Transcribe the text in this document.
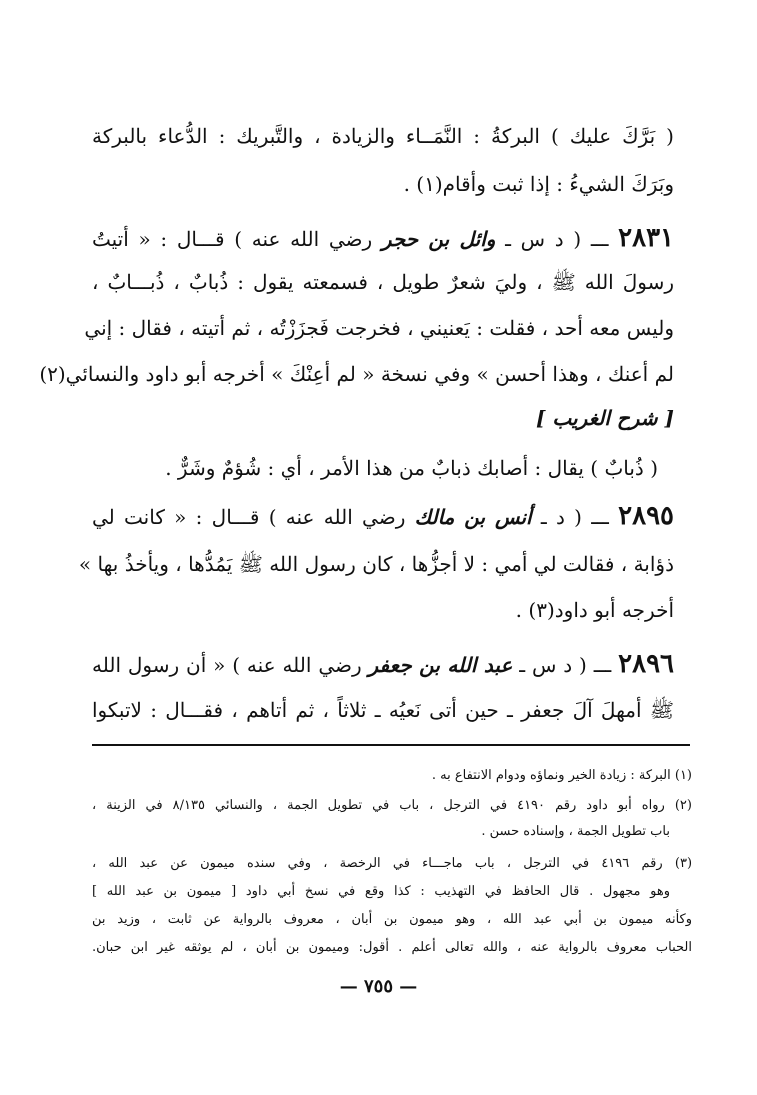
( بَرَّكَ عليك ) البركةُ : النَّمَــاء والزيادة ، والتَّبريك : الدُّعاء بالبركة
وبَرَكَ الشيءُ : إذا ثبت وأقام(١) .
٢٨٣١ ـــ ( د س ـ وائل بن حجر رضي الله عنه ) قـــال : « أتيتُ
رسولَ الله ﷺ ، وليَ شعرٌ طويل ، فسمعته يقول : ذُبابٌ ، ذُبـــابٌ ،
وليس معه أحد ، فقلت : يَعنيني ، فخرجت فَجزَزْتُه ، ثم أتيته ، فقال : إني
لم أعنك ، وهذا أحسن » وفي نسخة « لم أعِنْكَ » أخرجه أبو داود والنسائي(٢)
[ شرح الغريب ]
( ذُبابٌ ) يقال : أصابك ذبابٌ من هذا الأمر ، أي : شُؤمٌ وشَرٌّ .
٢٨٩٥ ـــ ( د ـ أنس بن مالك رضي الله عنه ) قـــال : « كانت لي
ذؤابة ، فقالت لي أمي : لا أجزُّها ، كان رسول الله ﷺ يَمُدُّها ، ويأخذُ بها »
أخرجه أبو داود(٣) .
٢٨٩٦ ـــ ( د س ـ عبد الله بن جعفر رضي الله عنه ) « أن رسول الله
ﷺ أمهلَ آلَ جعفر ـ حين أتى نَعيُه ـ ثلاثاً ، ثم أتاهم ، فقـــال : لاتبكوا
(١) البركة : زيادة الخير ونماؤه ودوام الانتفاع به .
(٢) رواه أبو داود رقم ٤١٩٠ في الترجل ، باب في تطويل الجمة ، والنسائي ٨/١٣٥ في الزينة ،
باب تطويل الجمة ، وإسناده حسن .
(٣) رقم ٤١٩٦ في الترجل ، باب ماجـــاء في الرخصة ، وفي سنده ميمون عن عبد الله ،
وهو مجهول . قال الحافظ في التهذيب : كذا وقع في نسخ أبي داود [ ميمون بن عبد الله ]
وكأنه ميمون بن أبي عبد الله ، وهو ميمون بن أبان ، معروف بالرواية عن ثابت ، وزيد بن
الحباب معروف بالرواية عنه ، والله تعالى أعلم . أقول: وميمون بن أبان ، لم يوثقه غير ابن حبان.
— ٧٥٥ —
